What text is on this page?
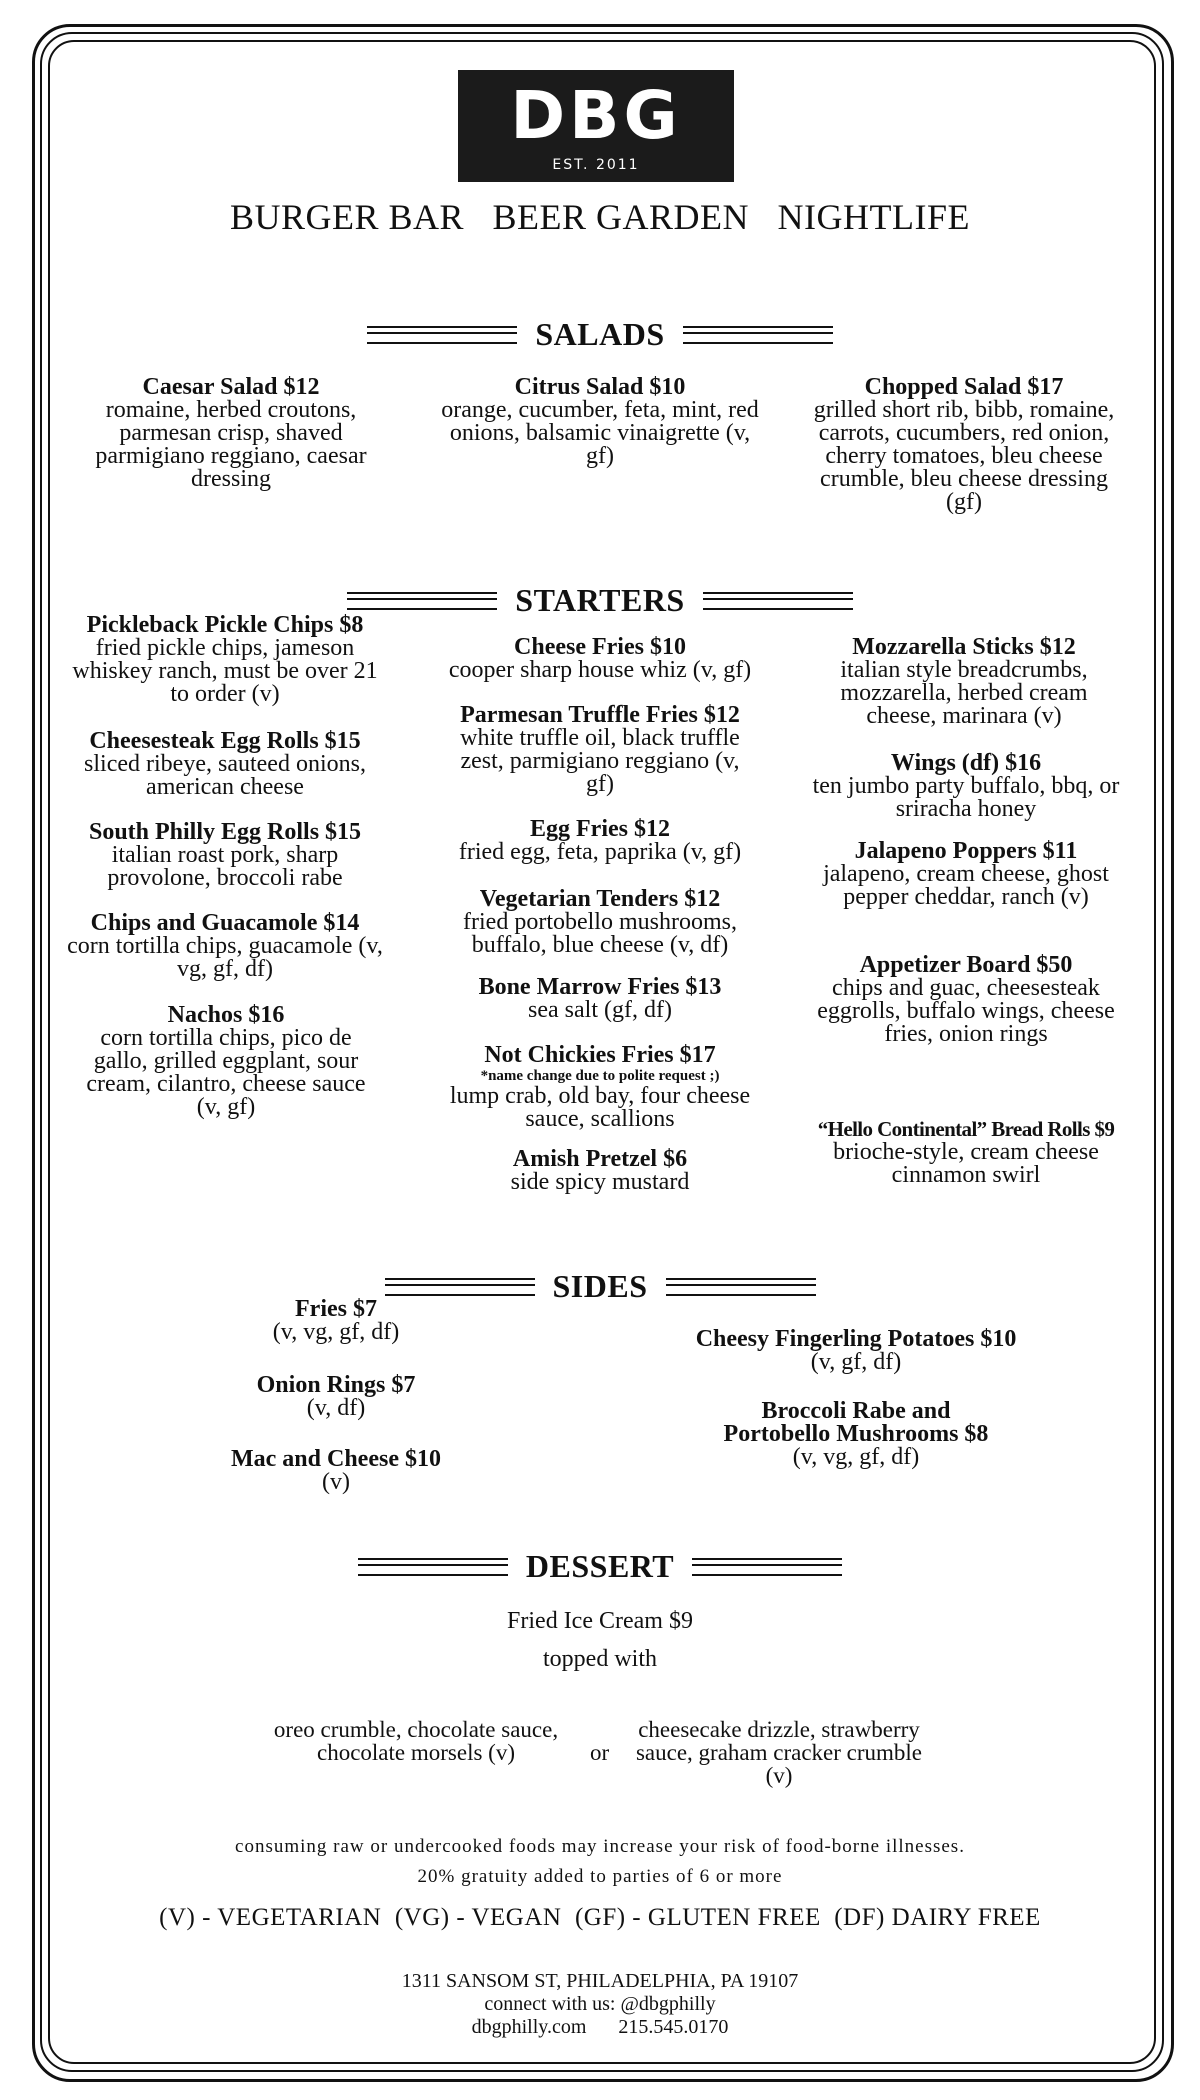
DBG
EST. 2011
BURGER BAR   BEER GARDEN   NIGHTLIFE
SALADS
Caesar Salad $12
romaine, herbed croutons, parmesan crisp, shaved parmigiano reggiano, caesar dressing
Citrus Salad $10
orange, cucumber, feta, mint, red onions, balsamic vinaigrette (v, gf)
Chopped Salad $17
grilled short rib, bibb, romaine, carrots, cucumbers, red onion, cherry tomatoes, bleu cheese crumble, bleu cheese dressing (gf)
STARTERS
Pickleback Pickle Chips $8
fried pickle chips, jameson whiskey ranch, must be over 21 to order (v)
Cheesesteak Egg Rolls $15
sliced ribeye, sauteed onions, american cheese
South Philly Egg Rolls $15
italian roast pork, sharp provolone, broccoli rabe
Chips and Guacamole $14
corn tortilla chips, guacamole (v, vg, gf, df)
Nachos $16
corn tortilla chips, pico de gallo, grilled eggplant, sour cream, cilantro, cheese sauce (v, gf)
Cheese Fries $10
cooper sharp house whiz (v, gf)
Parmesan Truffle Fries $12
white truffle oil, black truffle zest, parmigiano reggiano (v, gf)
Egg Fries $12
fried egg, feta, paprika (v, gf)
Vegetarian Tenders $12
fried portobello mushrooms, buffalo, blue cheese (v, df)
Bone Marrow Fries $13
sea salt (gf, df)
Not Chickies Fries $17
*name change due to polite request ;)
lump crab, old bay, four cheese sauce, scallions
Amish Pretzel $6
side spicy mustard
Mozzarella Sticks $12
italian style breadcrumbs, mozzarella, herbed cream cheese, marinara (v)
Wings (df) $16
ten jumbo party buffalo, bbq, or sriracha honey
Jalapeno Poppers $11
jalapeno, cream cheese, ghost pepper cheddar, ranch (v)
Appetizer Board $50
chips and guac, cheesesteak eggrolls, buffalo wings, cheese fries, onion rings
“Hello Continental” Bread Rolls $9
brioche-style, cream cheese cinnamon swirl
SIDES
Fries $7
(v, vg, gf, df)
Onion Rings $7
(v, df)
Mac and Cheese $10
(v)
Cheesy Fingerling Potatoes $10
(v, gf, df)
Broccoli Rabe and Portobello Mushrooms $8
(v, vg, gf, df)
DESSERT
Fried Ice Cream $9
topped with
oreo crumble, chocolate sauce, chocolate morsels (v)	or
cheesecake drizzle, strawberry sauce, graham cracker crumble (v)
consuming raw or undercooked foods may increase your risk of food-borne illnesses.
20% gratuity added to parties of 6 or more
(V) - VEGETARIAN  (VG) - VEGAN  (GF) - GLUTEN FREE  (DF) DAIRY FREE
1311 SANSOM ST, PHILADELPHIA, PA 19107
connect with us: @dbgphilly
dbgphilly.com 215.545.0170
